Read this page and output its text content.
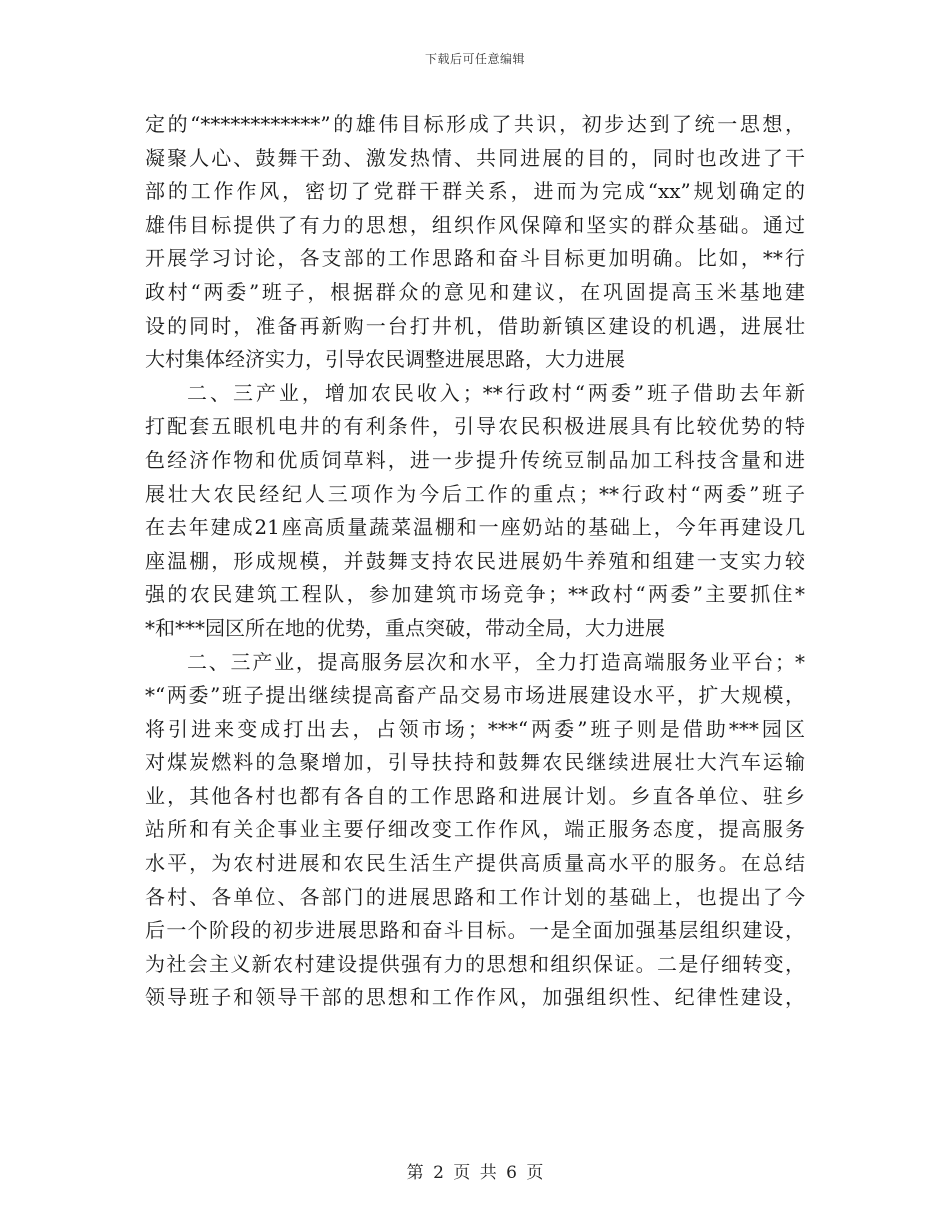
下载后可任意编辑
定的“************”的雄伟目标形成了共识，初步达到了统一思想，
凝聚人心、鼓舞干劲、激发热情、共同进展的目的，同时也改进了干
部的工作作风，密切了党群干群关系，进而为完成“xx”规划确定的
雄伟目标提供了有力的思想，组织作风保障和坚实的群众基础。通过
开展学习讨论，各支部的工作思路和奋斗目标更加明确。比如，**行
政村“两委”班子，根据群众的意见和建议，在巩固提高玉米基地建
设的同时，准备再新购一台打井机，借助新镇区建设的机遇，进展壮
大村集体经济实力，引导农民调整进展思路，大力进展
二、三产业，增加农民收入；**行政村“两委”班子借助去年新
打配套五眼机电井的有利条件，引导农民积极进展具有比较优势的特
色经济作物和优质饲草料，进一步提升传统豆制品加工科技含量和进
展壮大农民经纪人三项作为今后工作的重点；**行政村“两委”班子
在去年建成21座高质量蔬菜温棚和一座奶站的基础上，今年再建设几
座温棚，形成规模，并鼓舞支持农民进展奶牛养殖和组建一支实力较
强的农民建筑工程队，参加建筑市场竞争；**政村“两委”主要抓住*
*和***园区所在地的优势，重点突破，带动全局，大力进展
二、三产业，提高服务层次和水平，全力打造高端服务业平台；*
*“两委”班子提出继续提高畜产品交易市场进展建设水平，扩大规模，
将引进来变成打出去，占领市场；***“两委”班子则是借助***园区
对煤炭燃料的急聚增加，引导扶持和鼓舞农民继续进展壮大汽车运输
业，其他各村也都有各自的工作思路和进展计划。乡直各单位、驻乡
站所和有关企事业主要仔细改变工作作风，端正服务态度，提高服务
水平，为农村进展和农民生活生产提供高质量高水平的服务。在总结
各村、各单位、各部门的进展思路和工作计划的基础上，也提出了今
后一个阶段的初步进展思路和奋斗目标。一是全面加强基层组织建设，
为社会主义新农村建设提供强有力的思想和组织保证。二是仔细转变，
领导班子和领导干部的思想和工作作风，加强组织性、纪律性建设，
第 2 页 共 6 页
